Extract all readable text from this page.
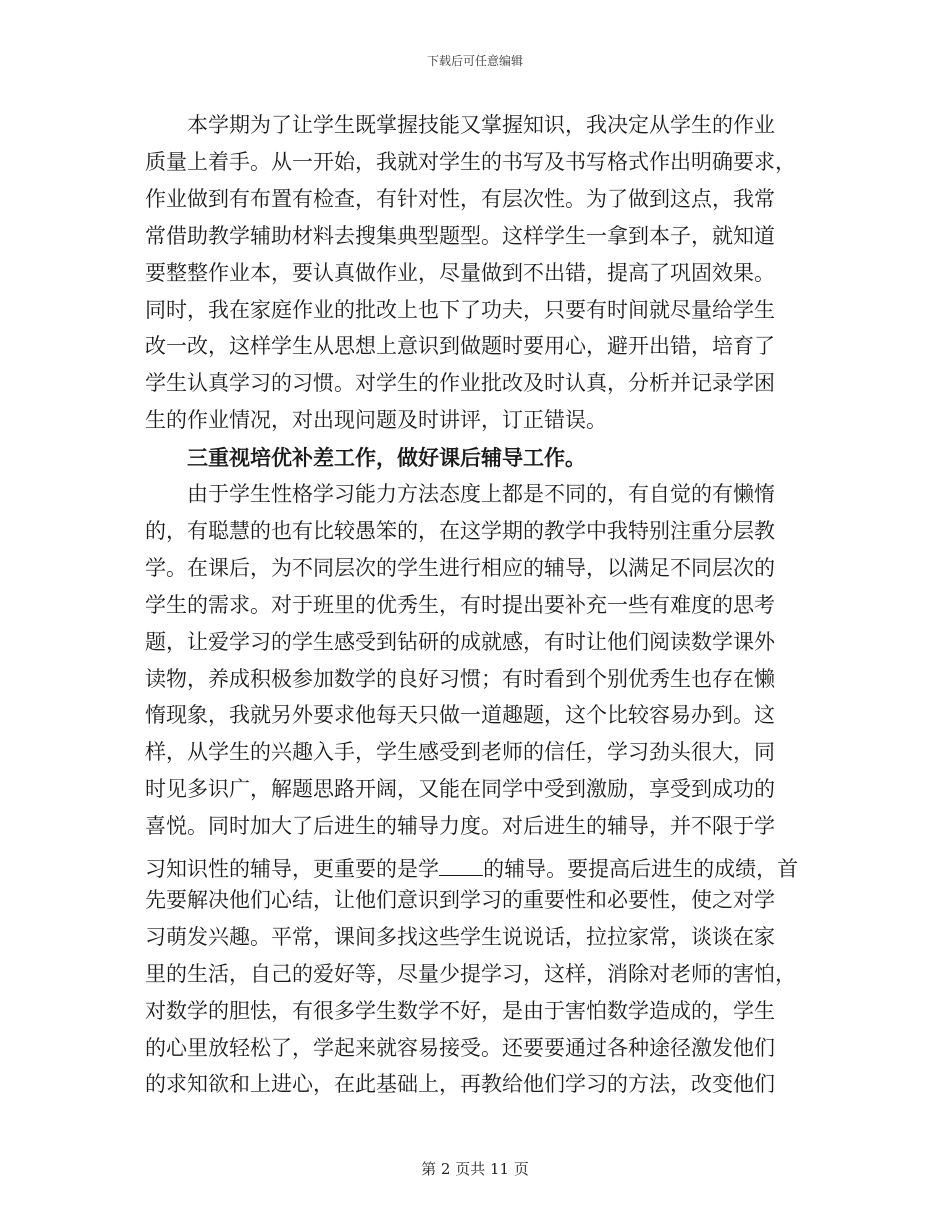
下载后可任意编辑
本学期为了让学生既掌握技能又掌握知识，我决定从学生的作业
质量上着手。从一开始，我就对学生的书写及书写格式作出明确要求，
作业做到有布置有检查，有针对性，有层次性。为了做到这点，我常
常借助教学辅助材料去搜集典型题型。这样学生一拿到本子，就知道
要整整作业本，要认真做作业，尽量做到不出错，提高了巩固效果。
同时，我在家庭作业的批改上也下了功夫，只要有时间就尽量给学生
改一改，这样学生从思想上意识到做题时要用心，避开出错，培育了
学生认真学习的习惯。对学生的作业批改及时认真，分析并记录学困
生的作业情况，对出现问题及时讲评，订正错误。
三重视培优补差工作，做好课后辅导工作。
由于学生性格学习能力方法态度上都是不同的，有自觉的有懒惰
的，有聪慧的也有比较愚笨的，在这学期的教学中我特别注重分层教
学。在课后，为不同层次的学生进行相应的辅导，以满足不同层次的
学生的需求。对于班里的优秀生，有时提出要补充一些有难度的思考
题，让爱学习的学生感受到钻研的成就感，有时让他们阅读数学课外
读物，养成积极参加数学的良好习惯；有时看到个别优秀生也存在懒
惰现象，我就另外要求他每天只做一道趣题，这个比较容易办到。这
样，从学生的兴趣入手，学生感受到老师的信任，学习劲头很大，同
时见多识广，解题思路开阔，又能在同学中受到激励，享受到成功的
喜悦。同时加大了后进生的辅导力度。对后进生的辅导，并不限于学
习知识性的辅导，更重要的是学 的辅导。要提高后进生的成绩，首
先要解决他们心结，让他们意识到学习的重要性和必要性，使之对学
习萌发兴趣。平常，课间多找这些学生说说话，拉拉家常，谈谈在家
里的生活，自己的爱好等，尽量少提学习，这样，消除对老师的害怕，
对数学的胆怯，有很多学生数学不好，是由于害怕数学造成的，学生
的心里放轻松了，学起来就容易接受。还要要通过各种途径激发他们
的求知欲和上进心，在此基础上，再教给他们学习的方法，改变他们
第 2 页共 11 页
